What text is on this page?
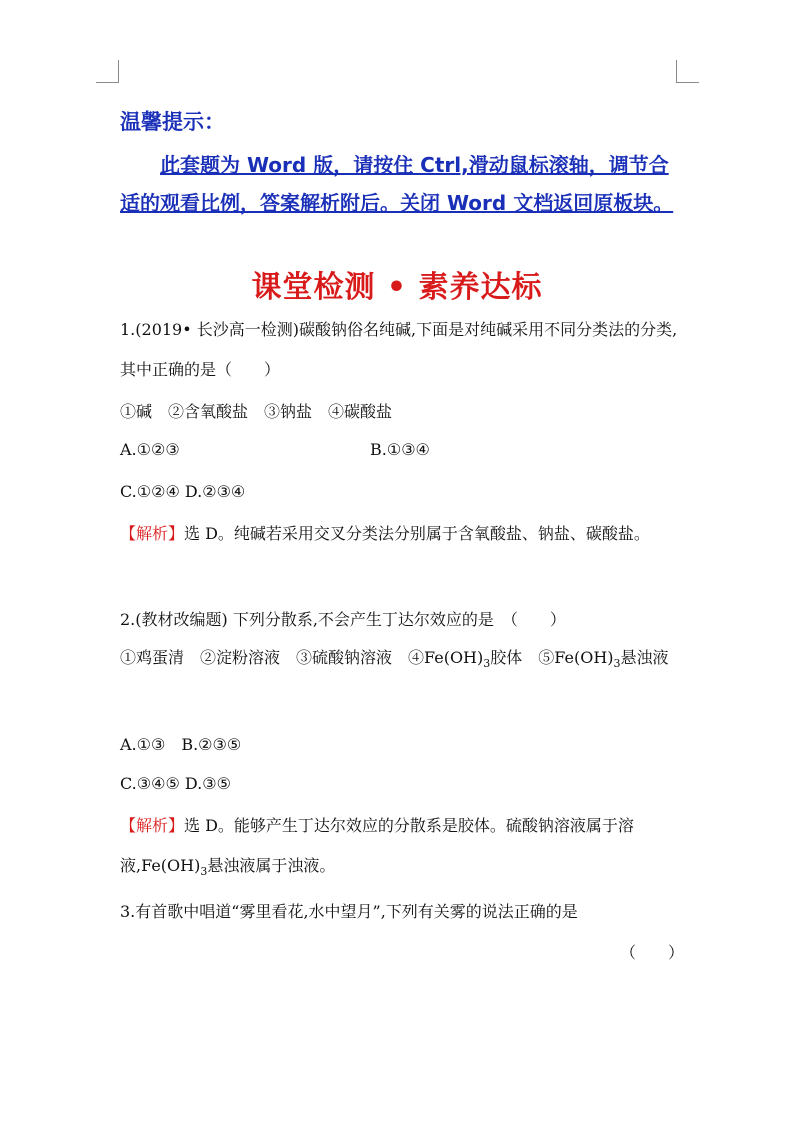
温馨提示：
此套题为 Word 版，请按住 Ctrl,滑动鼠标滚轴，调节合适的观看比例，答案解析附后。关闭 Word 文档返回原板块。
课堂检测 • 素养达标
1.(2019• 长沙高一检测)碳酸钠俗名纯碱,下面是对纯碱采用不同分类法的分类,其中正确的是（　　）
①碱　②含氧酸盐　③钠盐　④碳酸盐
A.①②③	B.①③④
C.①②④ D.②③④
【解析】选 D。纯碱若采用交叉分类法分别属于含氧酸盐、钠盐、碳酸盐。
2.(教材改编题) 下列分散系,不会产生丁达尔效应的是　（　　）
①鸡蛋清　②淀粉溶液　③硫酸钠溶液　$④Fe(OH)_3$胶体　$⑤Fe(OH)_3$悬浊液
A.①③　B.②③⑤
C.③④⑤ D.③⑤
【解析】选 D。能够产生丁达尔效应的分散系是胶体。硫酸钠溶液属于溶液$,Fe(OH)_3$悬浊液属于浊液。
3.有首歌中唱道“雾里看花,水中望月”,下列有关雾的说法正确的是
（　　）
